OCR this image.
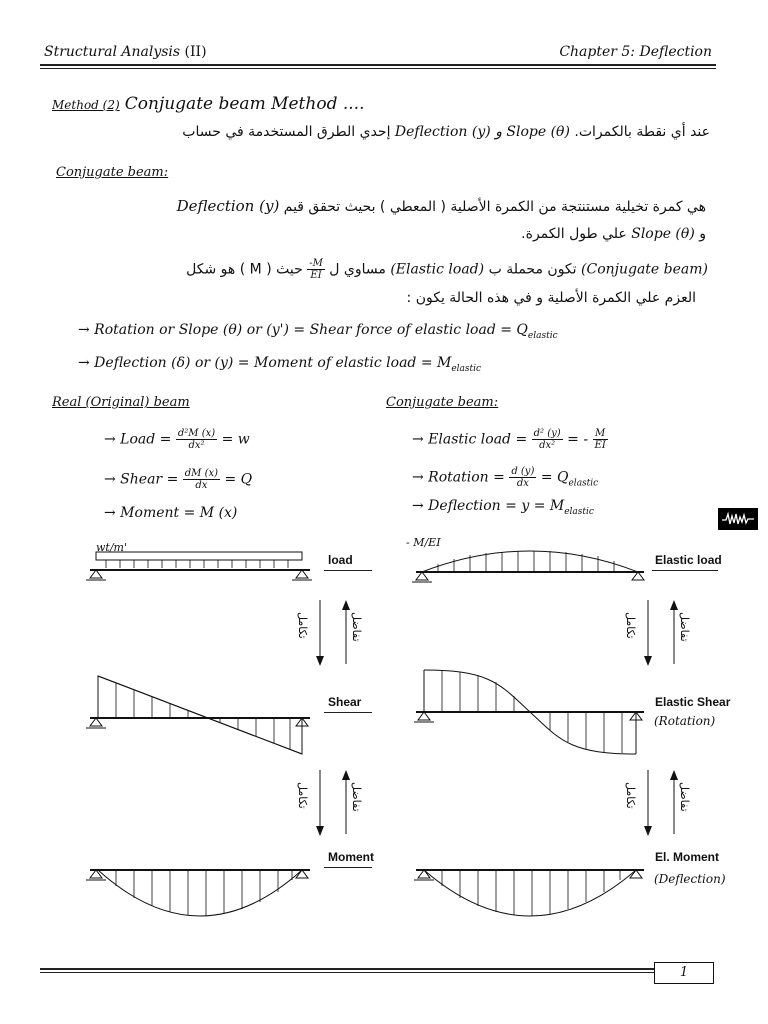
Structural Analysis (II)	Chapter 5: Deflection
Method (2) Conjugate beam Method ....
عند أي نقطة بالكمرات. Deflection (y) و Slope (θ) إحدي الطرق المستخدمة في حساب
Conjugate beam:
هي كمرة تخيلية مستنتجة من الكمرة الأصلية ( المعطي ) بحيث تحقق قيم Deflection (y)
و Slope (θ) علي طول الكمرة.
(Conjugate beam) تكون محملة ب (Elastic load) مساوي ل
$\frac{-M}{EI}$
حيث ( M ) هو شكل
العزم علي الكمرة الأصلية و في هذه الحالة يكون :
→ Rotation or Slope (θ) or (y') = Shear force of elastic load = $Q_{elastic}$
→ Deflection (δ) or (y) = Moment of elastic load = $M_{elastic}$
Real (Original) beam
→ Load = $\frac{\text{d²M (x)}}{\text{dx²}} = w$
→ Shear = $\frac{dM (x)}{dx} = Q$
→ Moment = M (x)
Conjugate beam:
→ Elastic load = $\frac{\text{d² (y)}}{\text{dx²}}$ = - $\frac{M}{EI}$
→ Rotation = $\frac{d (y)}{dx} = Q_{elastic}$
→ Deflection = $y = M_{elastic}$
wt/m'
load
تكامل	تفاضل
Shear
تكامل	تفاضل
Moment
- M/EI
Elastic load
تكامل	تفاضل
Elastic Shear
(Rotation)
تكامل	تفاضل
El. Moment
(Deflection)
1
